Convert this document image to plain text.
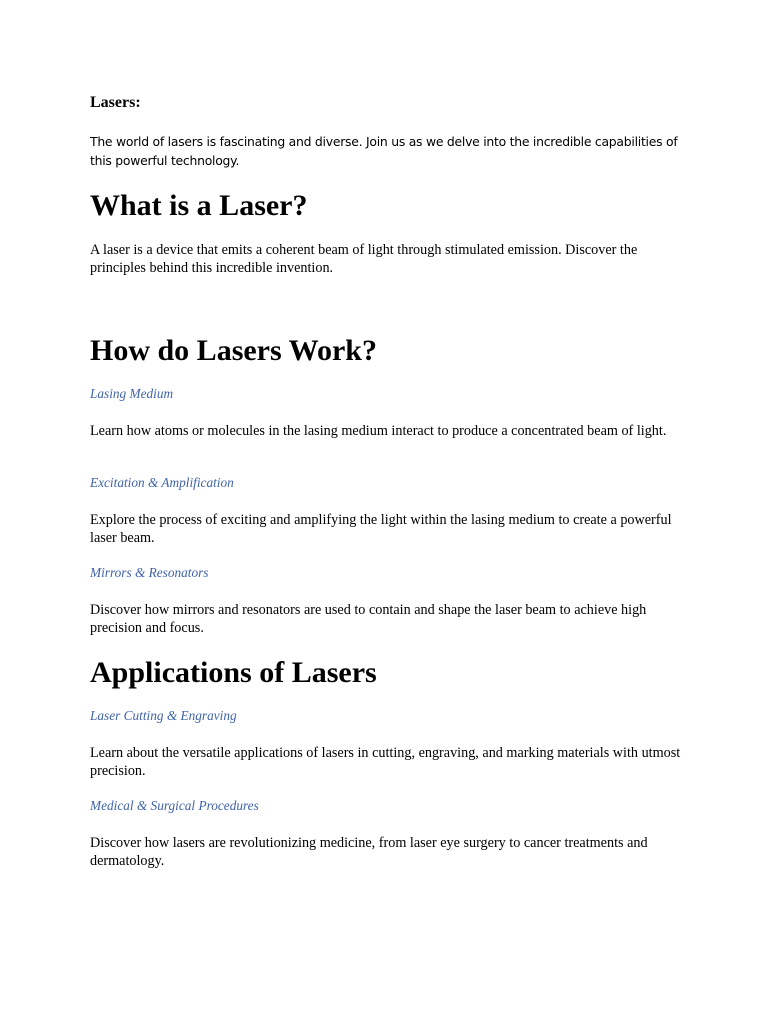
Lasers:

The world of lasers is fascinating and diverse. Join us as we delve into the incredible capabilities of this powerful technology.

What is a Laser?

A laser is a device that emits a coherent beam of light through stimulated emission. Discover the principles behind this incredible invention.

How do Lasers Work?

Lasing Medium

Learn how atoms or molecules in the lasing medium interact to produce a concentrated beam of light.

Excitation & Amplification

Explore the process of exciting and amplifying the light within the lasing medium to create a powerful laser beam.

Mirrors & Resonators

Discover how mirrors and resonators are used to contain and shape the laser beam to achieve high precision and focus.

Applications of Lasers

Laser Cutting & Engraving

Learn about the versatile applications of lasers in cutting, engraving, and marking materials with utmost precision.

Medical & Surgical Procedures

Discover how lasers are revolutionizing medicine, from laser eye surgery to cancer treatments and dermatology.
